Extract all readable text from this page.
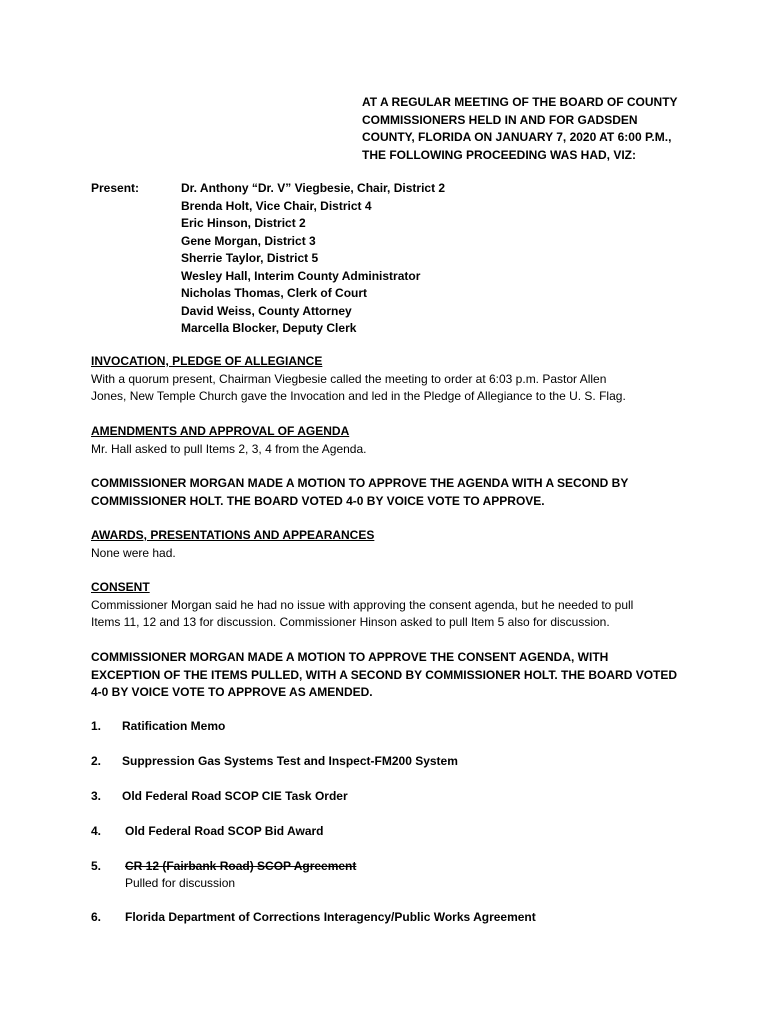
AT A REGULAR MEETING OF THE BOARD OF COUNTY
COMMISSIONERS HELD IN AND FOR GADSDEN
COUNTY, FLORIDA ON JANUARY 7, 2020 AT 6:00 P.M.,
THE FOLLOWING PROCEEDING WAS HAD, VIZ:
Present:	Dr. Anthony “Dr. V” Viegbesie, Chair, District 2
Brenda Holt, Vice Chair, District 4
Eric Hinson, District 2
Gene Morgan, District 3
Sherrie Taylor, District 5
Wesley Hall, Interim County Administrator
Nicholas Thomas, Clerk of Court
David Weiss, County Attorney
Marcella Blocker, Deputy Clerk
INVOCATION, PLEDGE OF ALLEGIANCE
With a quorum present, Chairman Viegbesie called the meeting to order at 6:03 p.m. Pastor Allen
Jones, New Temple Church gave the Invocation and led in the Pledge of Allegiance to the U. S. Flag.
AMENDMENTS AND APPROVAL OF AGENDA
Mr. Hall asked to pull Items 2, 3, 4 from the Agenda.
COMMISSIONER MORGAN MADE A MOTION TO APPROVE THE AGENDA WITH A SECOND BY
COMMISSIONER HOLT. THE BOARD VOTED 4-0 BY VOICE VOTE TO APPROVE.
AWARDS, PRESENTATIONS AND APPEARANCES
None were had.
CONSENT
Commissioner Morgan said he had no issue with approving the consent agenda, but he needed to pull
Items 11, 12 and 13 for discussion. Commissioner Hinson asked to pull Item 5 also for discussion.
COMMISSIONER MORGAN MADE A MOTION TO APPROVE THE CONSENT AGENDA, WITH
EXCEPTION OF THE ITEMS PULLED, WITH A SECOND BY COMMISSIONER HOLT. THE BOARD VOTED
4-0 BY VOICE VOTE TO APPROVE AS AMENDED.
1. Ratification Memo
2. Suppression Gas Systems Test and Inspect-FM200 System
3. Old Federal Road SCOP CIE Task Order
4. Old Federal Road SCOP Bid Award
5. CR 12 (Fairbank Road) SCOP Agreement
Pulled for discussion
6. Florida Department of Corrections Interagency/Public Works Agreement
